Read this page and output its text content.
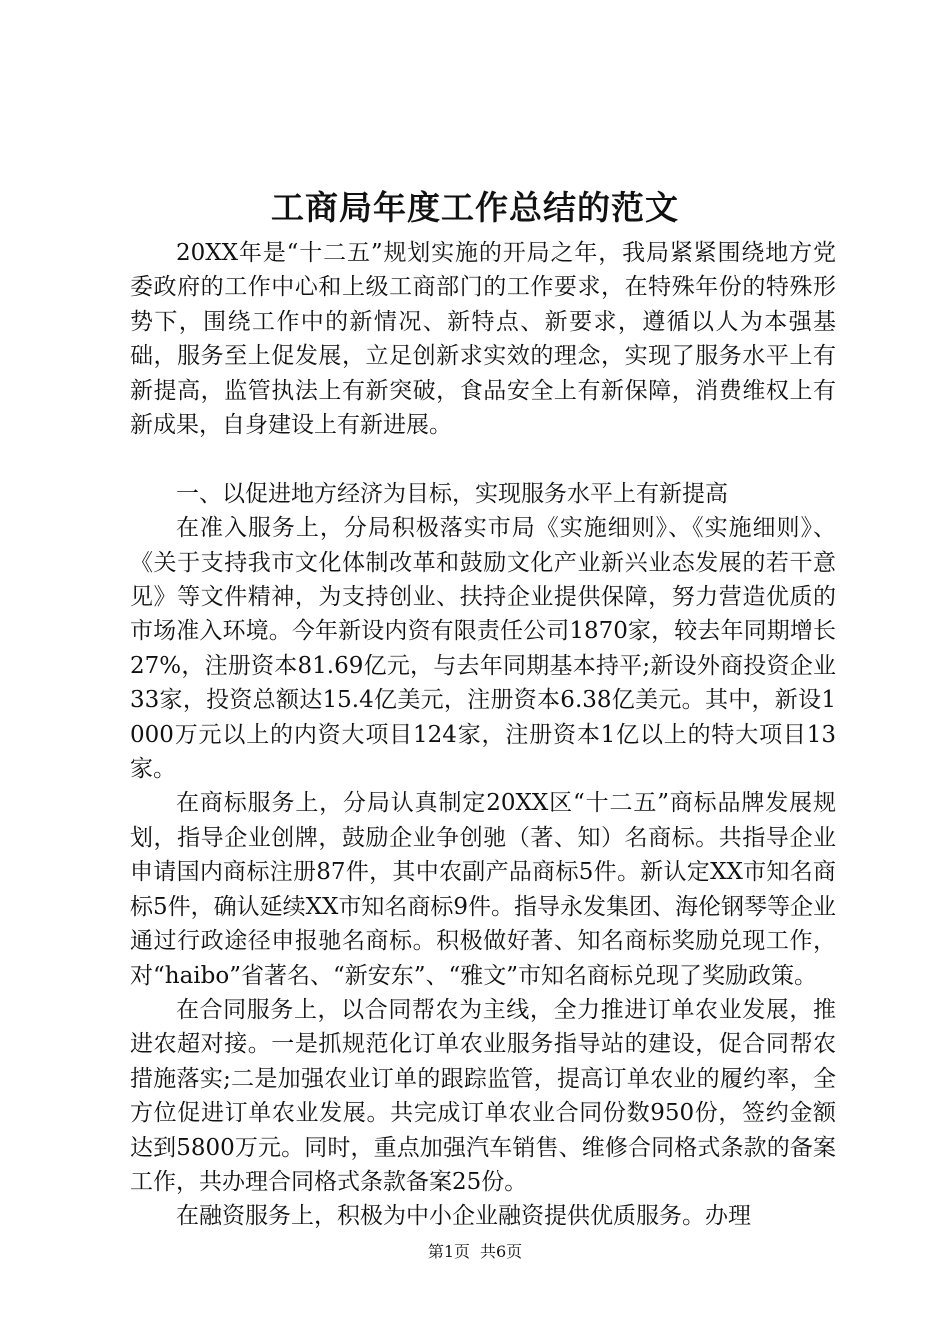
工商局年度工作总结的范文

20XX年是“十二五”规划实施的开局之年，我局紧紧围绕地方党委政府的工作中心和上级工商部门的工作要求，在特殊年份的特殊形势下，围绕工作中的新情况、新特点、新要求，遵循以人为本强基础，服务至上促发展，立足创新求实效的理念，实现了服务水平上有新提高，监管执法上有新突破，食品安全上有新保障，消费维权上有新成果，自身建设上有新进展。

一、以促进地方经济为目标，实现服务水平上有新提高

在准入服务上，分局积极落实市局《实施细则》、《实施细则》、《关于支持我市文化体制改革和鼓励文化产业新兴业态发展的若干意见》等文件精神，为支持创业、扶持企业提供保障，努力营造优质的市场准入环境。今年新设内资有限责任公司1870家，较去年同期增长27%，注册资本81.69亿元，与去年同期基本持平;新设外商投资企业33家，投资总额达15.4亿美元，注册资本6.38亿美元。其中，新设1000万元以上的内资大项目124家，注册资本1亿以上的特大项目13家。

在商标服务上，分局认真制定20XX区“十二五”商标品牌发展规划，指导企业创牌，鼓励企业争创驰（著、知）名商标。共指导企业申请国内商标注册87件，其中农副产品商标5件。新认定XX市知名商标5件，确认延续XX市知名商标9件。指导永发集团、海伦钢琴等企业通过行政途径申报驰名商标。积极做好著、知名商标奖励兑现工作，对“haibo”省著名、“新安东”、“雅文”市知名商标兑现了奖励政策。

在合同服务上，以合同帮农为主线，全力推进订单农业发展，推进农超对接。一是抓规范化订单农业服务指导站的建设，促合同帮农措施落实;二是加强农业订单的跟踪监管，提高订单农业的履约率，全方位促进订单农业发展。共完成订单农业合同份数950份，签约金额达到5800万元。同时，重点加强汽车销售、维修合同格式条款的备案工作，共办理合同格式条款备案25份。

在融资服务上，积极为中小企业融资提供优质服务。办理

第1页 共6页
